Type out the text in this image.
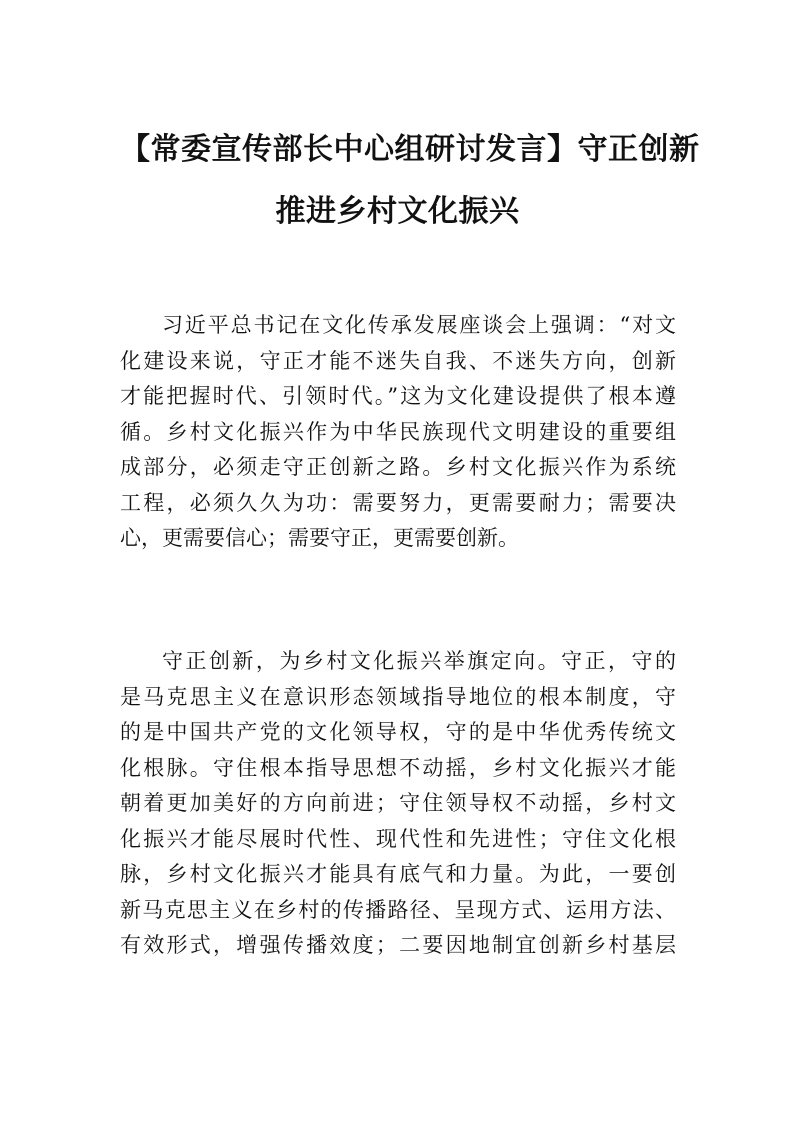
【常委宣传部长中心组研讨发言】守正创新
推进乡村文化振兴
习近平总书记在文化传承发展座谈会上强调：“对文
化建设来说，守正才能不迷失自我、不迷失方向，创新
才能把握时代、引领时代。”这为文化建设提供了根本遵
循。乡村文化振兴作为中华民族现代文明建设的重要组
成部分，必须走守正创新之路。乡村文化振兴作为系统
工程，必须久久为功：需要努力，更需要耐力；需要决
心，更需要信心；需要守正，更需要创新。
守正创新，为乡村文化振兴举旗定向。守正，守的
是马克思主义在意识形态领域指导地位的根本制度，守
的是中国共产党的文化领导权，守的是中华优秀传统文
化根脉。守住根本指导思想不动摇，乡村文化振兴才能
朝着更加美好的方向前进；守住领导权不动摇，乡村文
化振兴才能尽展时代性、现代性和先进性；守住文化根
脉，乡村文化振兴才能具有底气和力量。为此，一要创
新马克思主义在乡村的传播路径、呈现方式、运用方法、
有效形式，增强传播效度；二要因地制宜创新乡村基层
